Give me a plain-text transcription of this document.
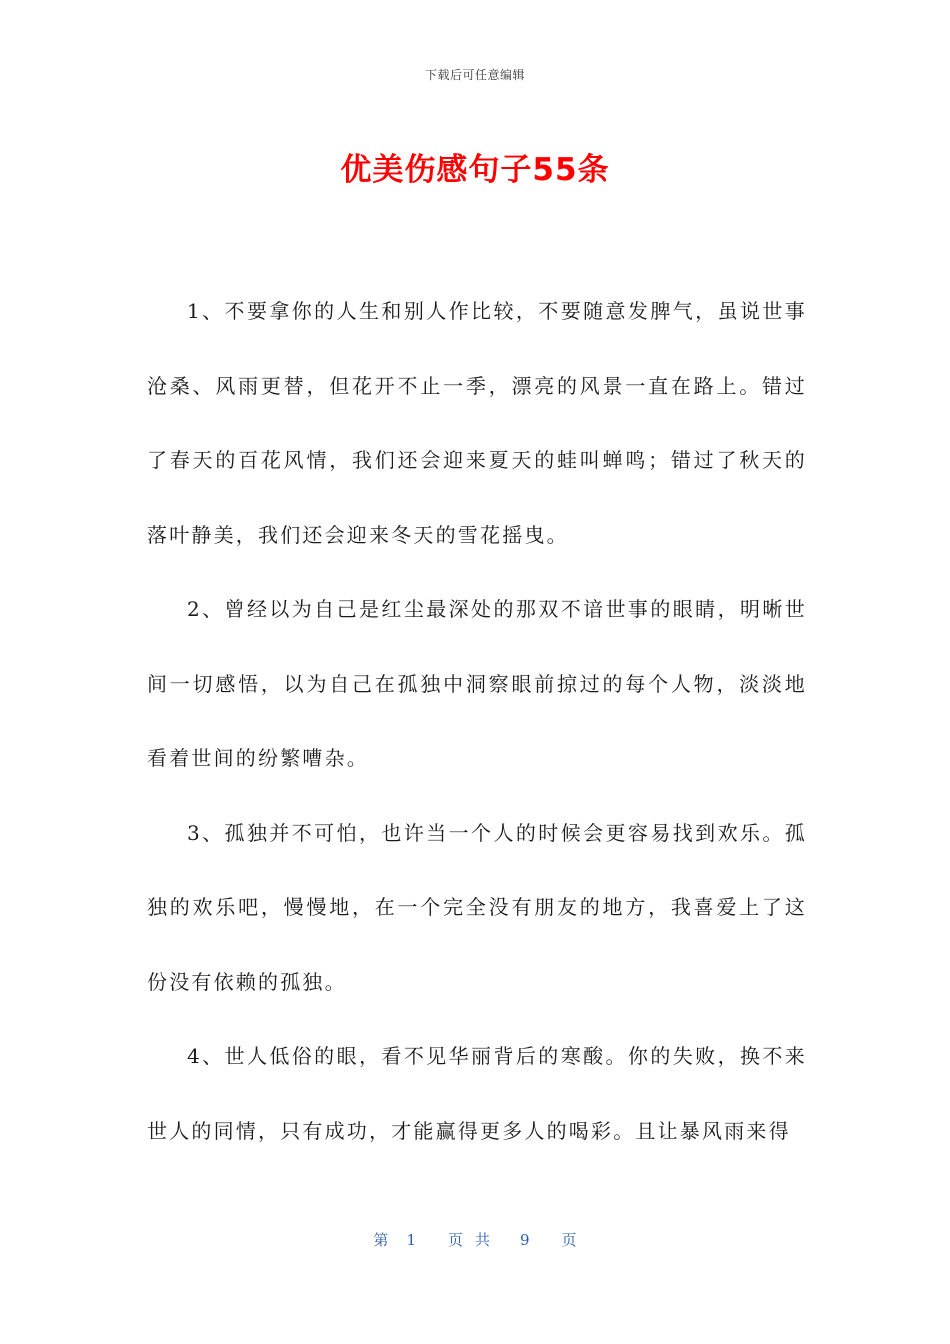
下载后可任意编辑
优美伤感句子55条

1、不要拿你的人生和别人作比较，不要随意发脾气，虽说世事沧桑、风雨更替，但花开不止一季，漂亮的风景一直在路上。错过了春天的百花风情，我们还会迎来夏天的蛙叫蝉鸣；错过了秋天的落叶静美，我们还会迎来冬天的雪花摇曳。

2、曾经以为自己是红尘最深处的那双不谙世事的眼睛，明晰世间一切感悟，以为自己在孤独中洞察眼前掠过的每个人物，淡淡地看着世间的纷繁嘈杂。

3、孤独并不可怕，也许当一个人的时候会更容易找到欢乐。孤独的欢乐吧，慢慢地，在一个完全没有朋友的地方，我喜爱上了这份没有依赖的孤独。

4、世人低俗的眼，看不见华丽背后的寒酸。你的失败，换不来世人的同情，只有成功，才能赢得更多人的喝彩。且让暴风雨来得

第 1 页共 9 页
